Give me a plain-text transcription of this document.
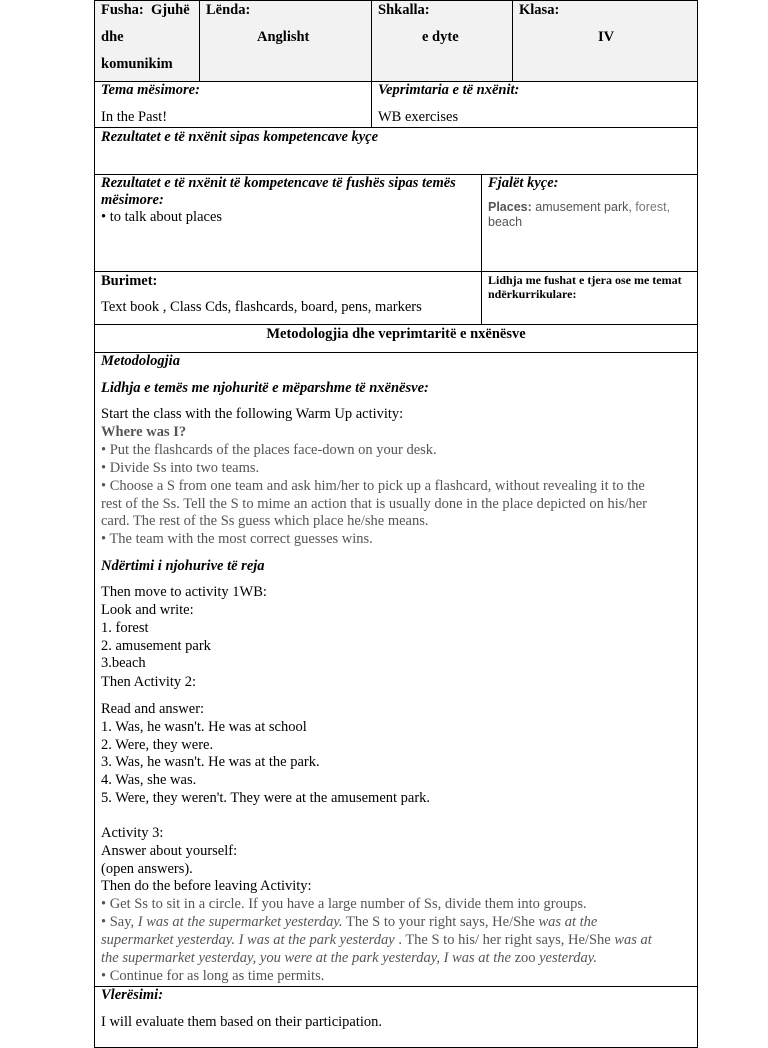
Fusha: Gjuhë
dhe
komunikim
Lënda:
Anglisht
Shkalla:
e dyte
Klasa:
IV
Tema mësimore:
In the Past!
Veprimtaria e të nxënit:
WB exercises
Rezultatet e të nxënit sipas kompetencave kyçe
Rezultatet e të nxënit të kompetencave të fushës sipas temës
mësimore:
• to talk about places
Fjalët kyçe:
Places: amusement park, forest,
beach
Burimet:
Text book , Class Cds, flashcards, board, pens, markers
Lidhja me fushat e tjera ose me temat
ndërkurrikulare:
Metodologjia dhe veprimtaritë e nxënësve
Metodologjia
Lidhja e temës me njohuritë e mëparshme të nxënësve:
Start the class with the following Warm Up activity:
Where was I?
• Put the flashcards of the places face-down on your desk.
• Divide Ss into two teams.
• Choose a S from one team and ask him/her to pick up a flashcard, without revealing it to the
rest of the Ss. Tell the S to mime an action that is usually done in the place depicted on his/her
card. The rest of the Ss guess which place he/she means.
• The team with the most correct guesses wins.
Ndërtimi i njohurive të reja
Then move to activity 1WB:
Look and write:
1. forest
2. amusement park
3.beach
Then Activity 2:
Read and answer:
1. Was, he wasn't. He was at school
2. Were, they were.
3. Was, he wasn't. He was at the park.
4. Was, she was.
5. Were, they weren't. They were at the amusement park.
Activity 3:
Answer about yourself:
(open answers).
Then do the before leaving Activity:
• Get Ss to sit in a circle. If you have a large number of Ss, divide them into groups.
• Say, I was at the supermarket yesterday. The S to your right says, He/She was at the
supermarket yesterday. I was at the park yesterday . The S to his/ her right says, He/She was at
the supermarket yesterday, you were at the park yesterday, I was at the zoo yesterday.
• Continue for as long as time permits.
Vlerësimi:
I will evaluate them based on their participation.
